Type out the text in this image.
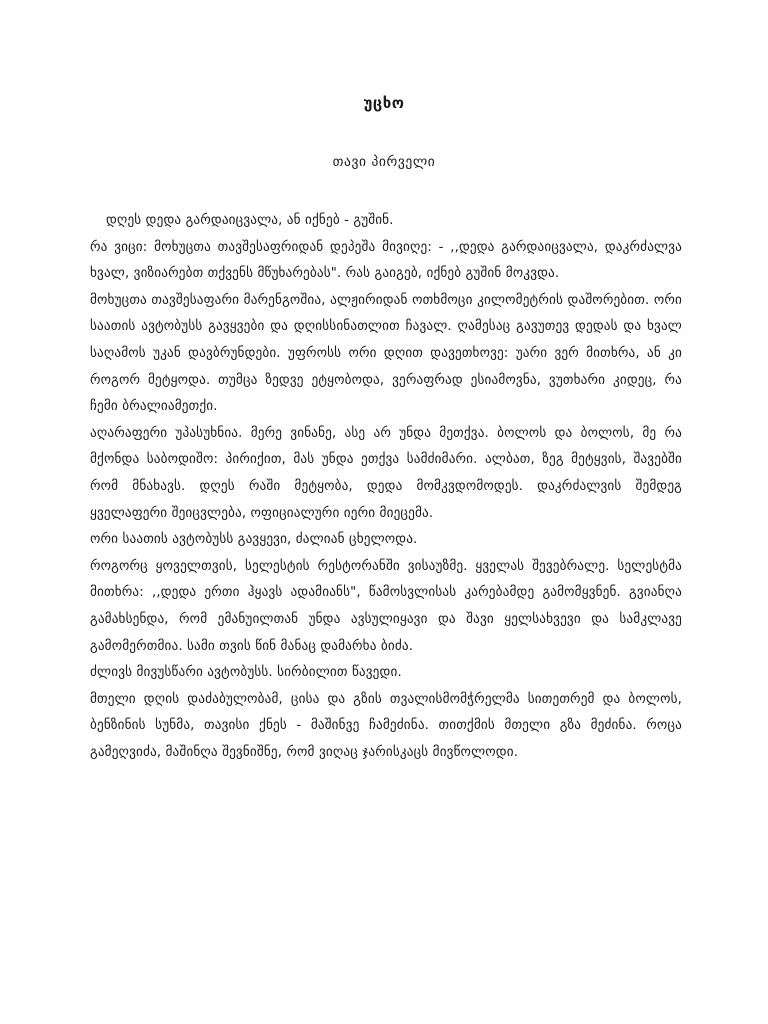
უცხო
თავი პირველი

დღეს დედა გარდაიცვალა, ან იქნებ - გუშინ.

რა ვიცი: მოხუცთა თავშესაფრიდან დეპეშა მივიღე: - ,,დედა გარდაიცვალა, დაკრძალვა ხვალ, ვიზიარებთ თქვენს მწუხარებას". რას გაიგებ, იქნებ გუშინ მოკვდა.

მოხუცთა თავშესაფარი მარენგოშია, ალჟირიდან ოთხმოცი კილომეტრის დაშორებით. ორი საათის ავტობუსს გავყვები და დღისსინათლით ჩავალ. ღამესაც გავუთევ დედას და ხვალ საღამოს უკან დავბრუნდები. უფროსს ორი დღით დავეთხოვე: უარი ვერ მითხრა, ან კი როგორ მეტყოდა. თუმცა ზედვე ეტყობოდა, ვერაფრად ესიამოვნა, ვუთხარი კიდეც, რა ჩემი ბრალიამეთქი.

აღარაფერი უპასუხნია. მერე ვინანე, ასე არ უნდა მეთქვა. ბოლოს და ბოლოს, მე რა მქონდა საბოდიშო: პირიქით, მას უნდა ეთქვა სამძიმარი. ალბათ, ზეგ მეტყვის, შავებში რომ მნახავს. დღეს რაში მეტყობა, დედა მომკვდომოდეს. დაკრძალვის შემდეგ ყველაფერი შეიცვლება, ოფიციალური იერი მიეცემა.

ორი საათის ავტობუსს გავყევი, ძალიან ცხელოდა.

როგორც ყოველთვის, სელესტის რესტორანში ვისაუზმე. ყველას შევებრალე. სელესტმა მითხრა: ,,დედა ერთი ჰყავს ადამიანს", წამოსვლისას კარებამდე გამომყვნენ. გვიანღა გამახსენდა, რომ ემანუილთან უნდა ავსულიყავი და შავი ყელსახვევი და სამკლავე გამომერთმია. სამი თვის წინ მანაც დამარხა ბიძა.

ძლივს მივუსწარი ავტობუსს. სირბილით წავედი.

მთელი დღის დაძაბულობამ, ცისა და გზის თვალისმომჭრელმა სითეთრემ და ბოლოს, ბენზინის სუნმა, თავისი ქნეს - მაშინვე ჩამეძინა. თითქმის მთელი გზა მეძინა. როცა გამეღვიძა, მაშინღა შევნიშნე, რომ ვიღაც ჯარისკაცს მივწოლოდი.
